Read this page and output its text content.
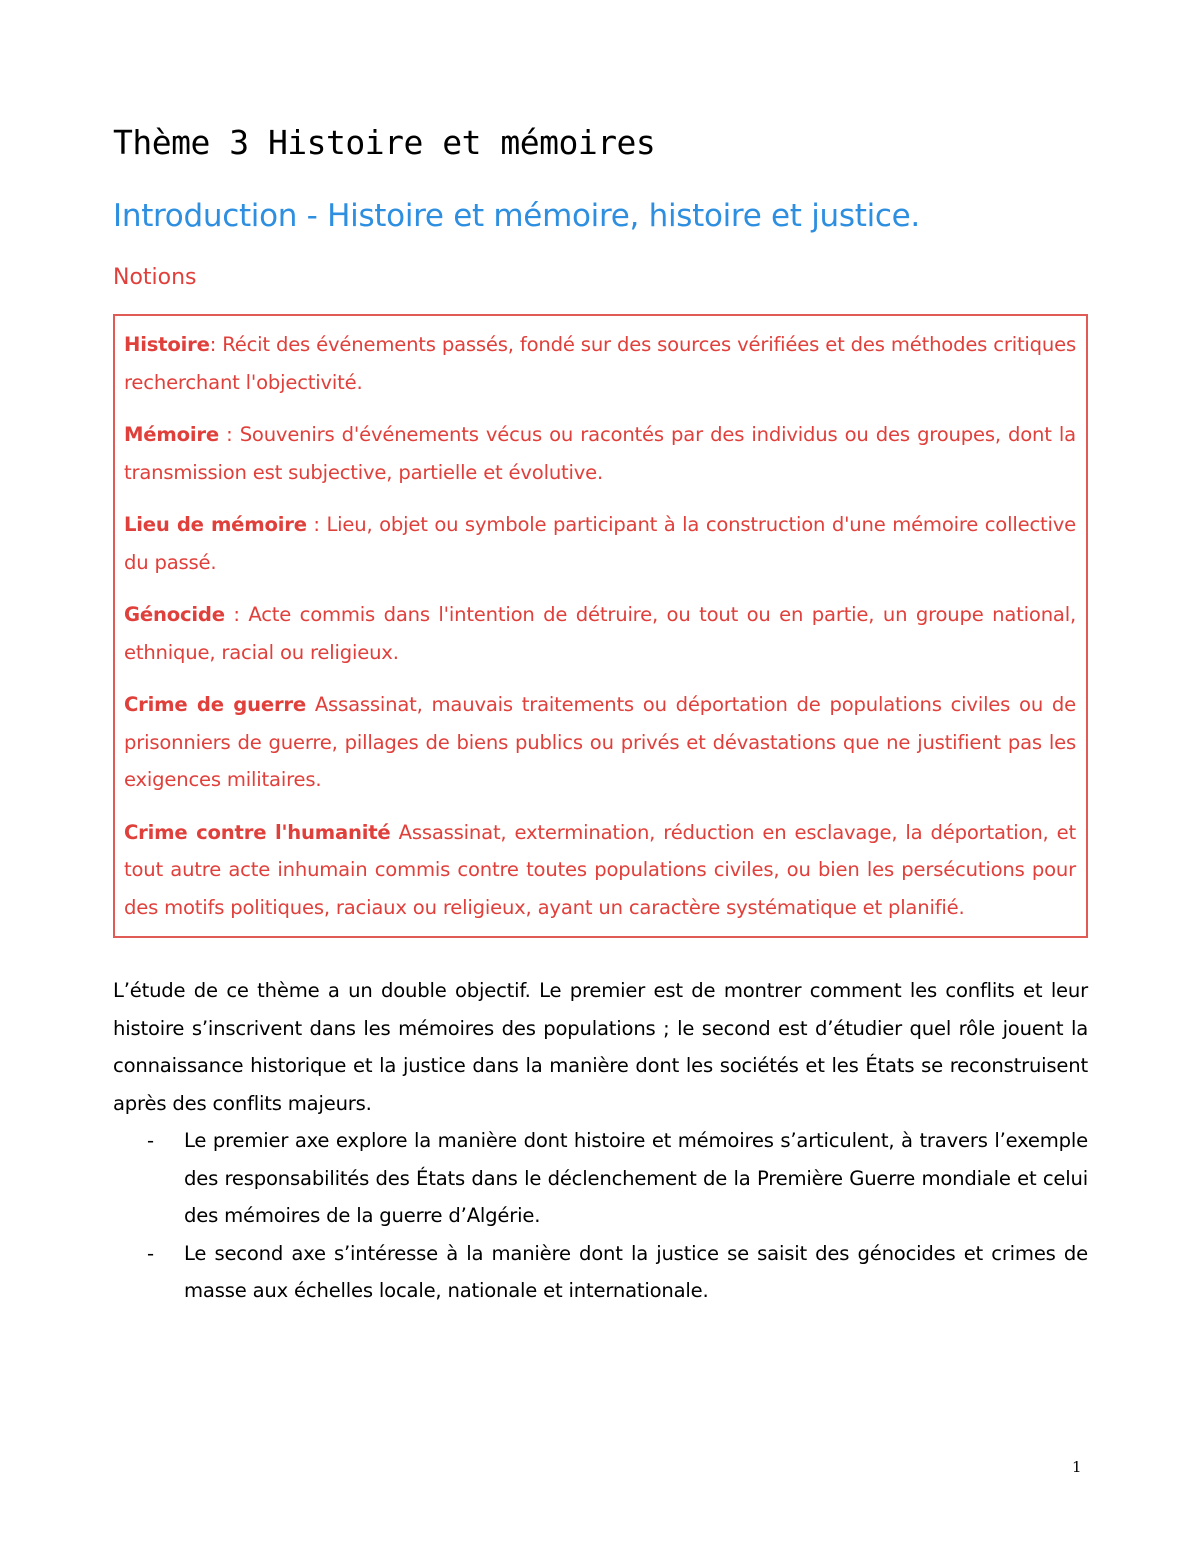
Thème 3 Histoire et mémoires
Introduction - Histoire et mémoire, histoire et justice.
Notions

Histoire: Récit des événements passés, fondé sur des sources vérifiées et des méthodes critiques recherchant l'objectivité.

Mémoire : Souvenirs d'événements vécus ou racontés par des individus ou des groupes, dont la transmission est subjective, partielle et évolutive.

Lieu de mémoire : Lieu, objet ou symbole participant à la construction d'une mémoire collective du passé.

Génocide : Acte commis dans l'intention de détruire, ou tout ou en partie, un groupe national, ethnique, racial ou religieux.

Crime de guerre Assassinat, mauvais traitements ou déportation de populations civiles ou de prisonniers de guerre, pillages de biens publics ou privés et dévastations que ne justifient pas les exigences militaires.

Crime contre l'humanité Assassinat, extermination, réduction en esclavage, la déportation, et tout autre acte inhumain commis contre toutes populations civiles, ou bien les persécutions pour des motifs politiques, raciaux ou religieux, ayant un caractère systématique et planifié.

L’étude de ce thème a un double objectif. Le premier est de montrer comment les conflits et leur histoire s’inscrivent dans les mémoires des populations ; le second est d’étudier quel rôle jouent la connaissance historique et la justice dans la manière dont les sociétés et les États se reconstruisent après des conflits majeurs.

- Le premier axe explore la manière dont histoire et mémoires s’articulent, à travers l’exemple des responsabilités des États dans le déclenchement de la Première Guerre mondiale et celui des mémoires de la guerre d’Algérie.
- Le second axe s’intéresse à la manière dont la justice se saisit des génocides et crimes de masse aux échelles locale, nationale et internationale.
1
